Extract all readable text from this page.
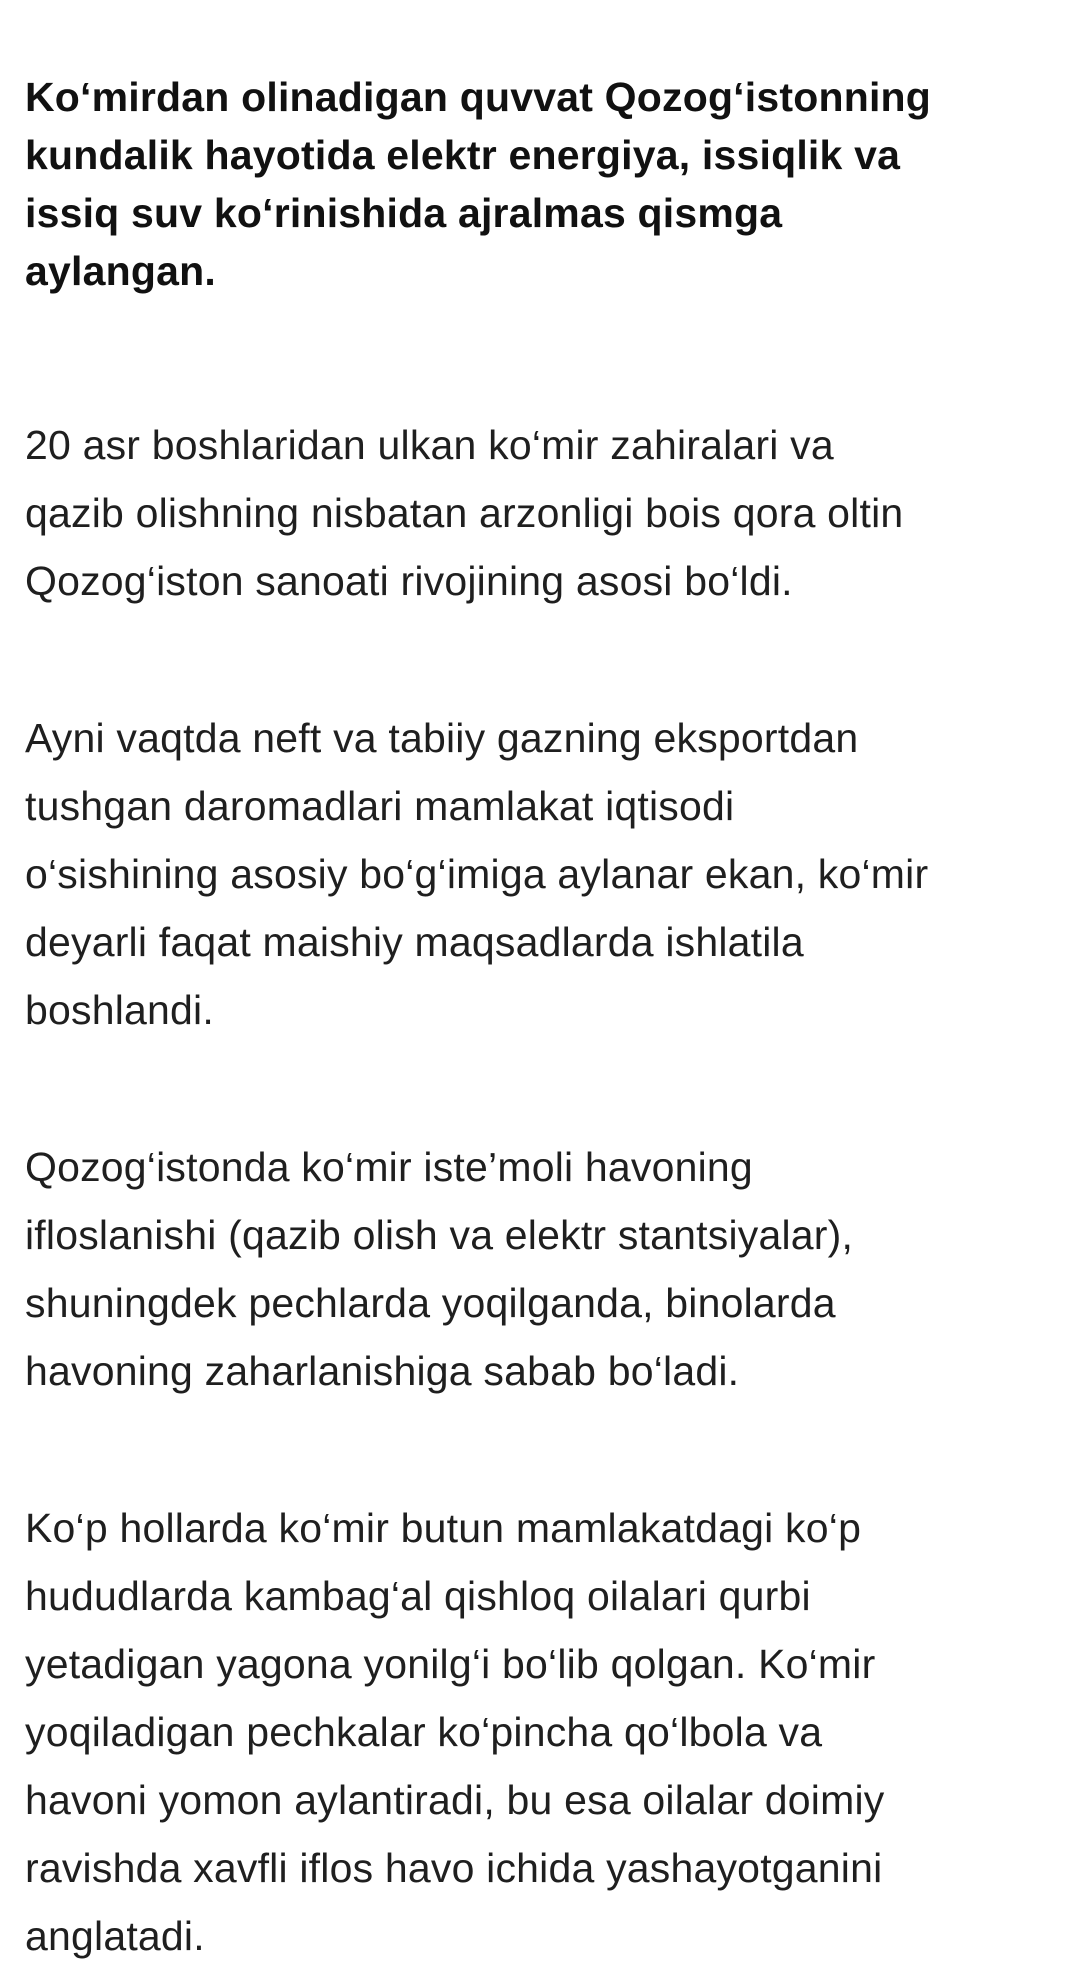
Ko‘mirdan olinadigan quvvat Qozog‘istonning
kundalik hayotida elektr energiya, issiqlik va
issiq suv ko‘rinishida ajralmas qismga
aylangan.

20 asr boshlaridan ulkan ko‘mir zahiralari va
qazib olishning nisbatan arzonligi bois qora oltin
Qozog‘iston sanoati rivojining asosi bo‘ldi.

Ayni vaqtda neft va tabiiy gazning eksportdan
tushgan daromadlari mamlakat iqtisodi
o‘sishining asosiy bo‘g‘imiga aylanar ekan, ko‘mir
deyarli faqat maishiy maqsadlarda ishlatila
boshlandi.

Qozog‘istonda ko‘mir iste’moli havoning
ifloslanishi (qazib olish va elektr stantsiyalar),
shuningdek pechlarda yoqilganda, binolarda
havoning zaharlanishiga sabab bo‘ladi.

Ko‘p hollarda ko‘mir butun mamlakatdagi ko‘p
hududlarda kambag‘al qishloq oilalari qurbi
yetadigan yagona yonilg‘i bo‘lib qolgan. Ko‘mir
yoqiladigan pechkalar ko‘pincha qo‘lbola va
havoni yomon aylantiradi, bu esa oilalar doimiy
ravishda xavfli iflos havo ichida yashayotganini
anglatadi.
